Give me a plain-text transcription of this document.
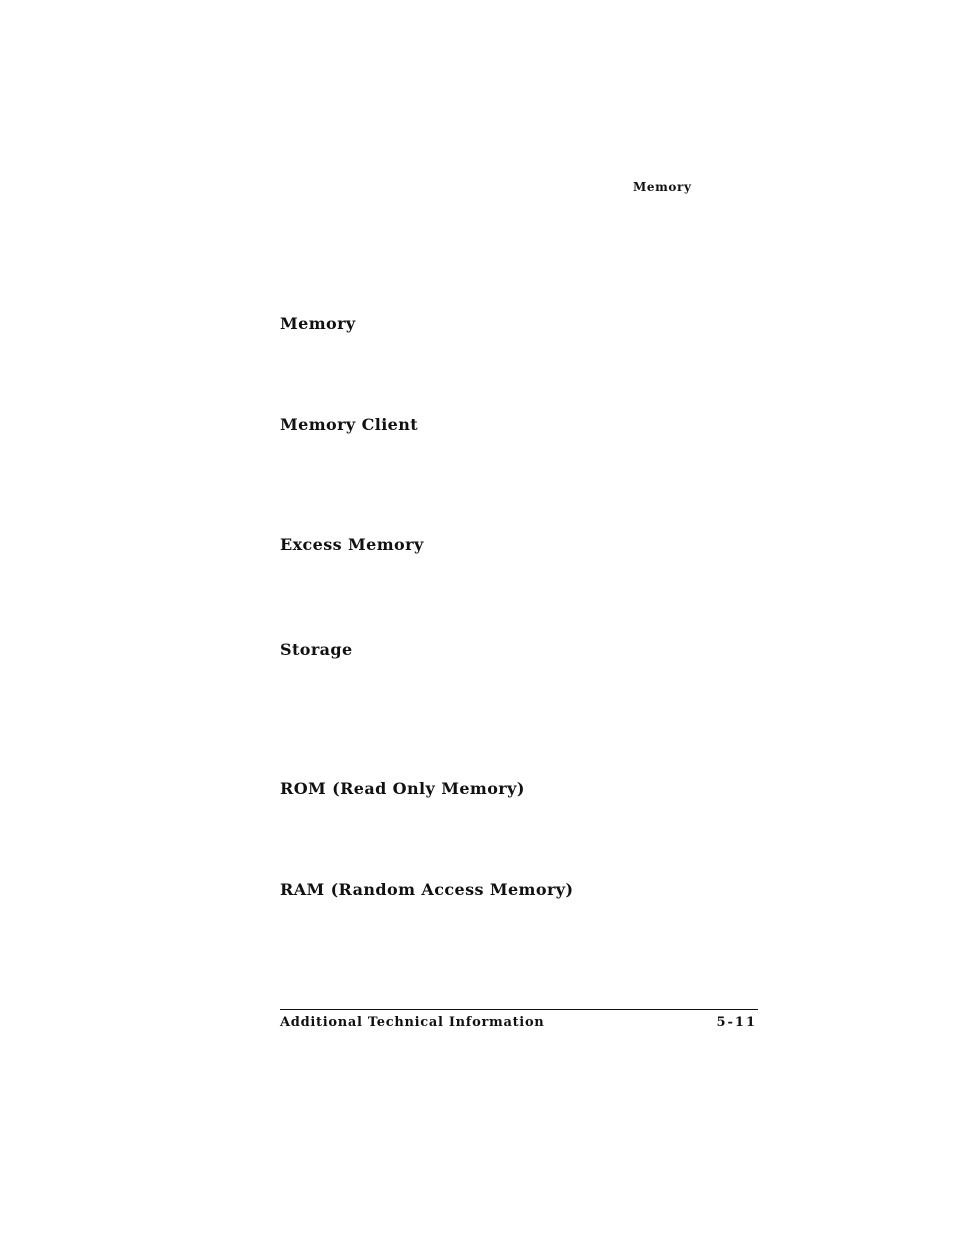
Memory
Memory
Memory Client
Excess Memory
Storage
ROM (Read Only Memory)
RAM (Random Access Memory)
Additional Technical Information	5-11
